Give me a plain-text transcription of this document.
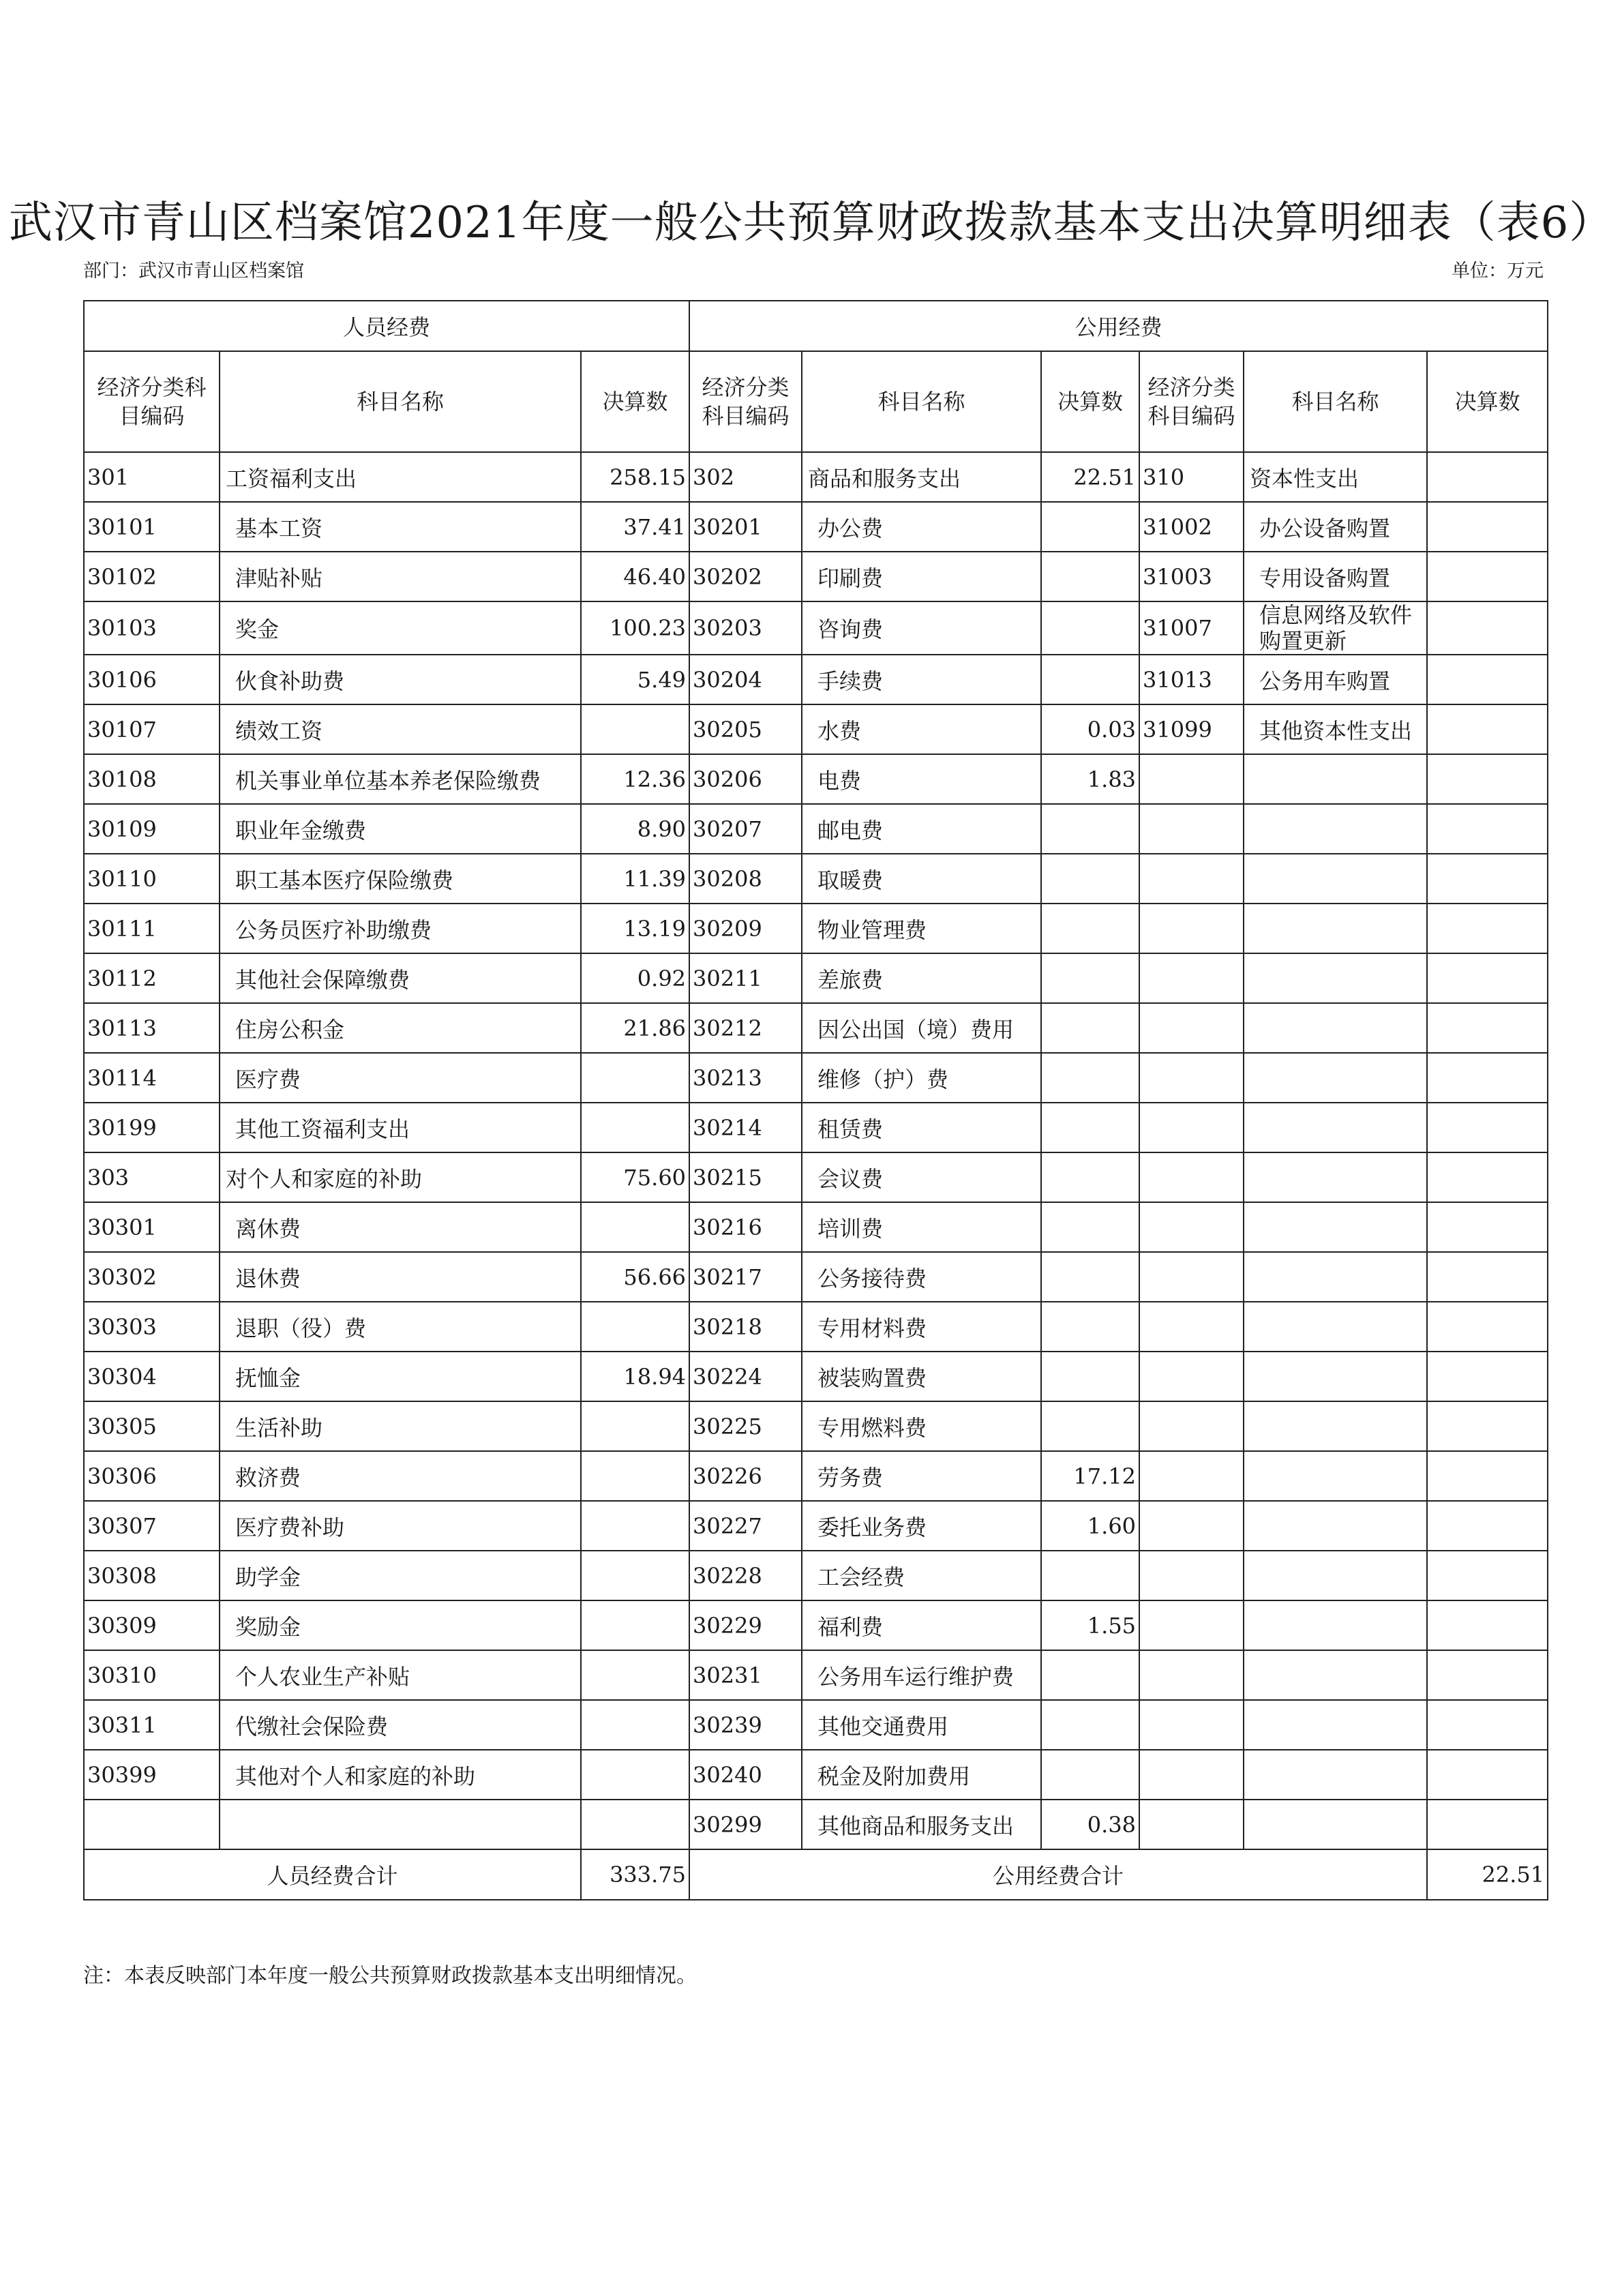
武汉市青山区档案馆2021年度一般公共预算财政拨款基本支出决算明细表（表6）
部门：武汉市青山区档案馆	单位：万元
人员经费			公用经费					
经济分类科目编码	科目名称	决算数	经济分类科目编码	科目名称	决算数	经济分类科目编码	科目名称	决算数
301	工资福利支出	258.15	302	商品和服务支出	22.51	310	资本性支出	
30101	基本工资	37.41	30201	办公费		31002	办公设备购置	
30102	津贴补贴	46.40	30202	印刷费		31003	专用设备购置	
30103	奖金	100.23	30203	咨询费		31007	信息网络及软件购置更新	
30106	伙食补助费	5.49	30204	手续费		31013	公务用车购置	
30107	绩效工资		30205	水费	0.03	31099	其他资本性支出	
30108	机关事业单位基本养老保险缴费	12.36	30206	电费	1.83			
30109	职业年金缴费	8.90	30207	邮电费				
30110	职工基本医疗保险缴费	11.39	30208	取暖费				
30111	公务员医疗补助缴费	13.19	30209	物业管理费				
30112	其他社会保障缴费	0.92	30211	差旅费				
30113	住房公积金	21.86	30212	因公出国（境）费用				
30114	医疗费		30213	维修（护）费				
30199	其他工资福利支出		30214	租赁费				
303	对个人和家庭的补助	75.60	30215	会议费				
30301	离休费		30216	培训费				
30302	退休费	56.66	30217	公务接待费				
30303	退职（役）费		30218	专用材料费				
30304	抚恤金	18.94	30224	被装购置费				
30305	生活补助		30225	专用燃料费				
30306	救济费		30226	劳务费	17.12			
30307	医疗费补助		30227	委托业务费	1.60			
30308	助学金		30228	工会经费				
30309	奖励金		30229	福利费	1.55			
30310	个人农业生产补贴		30231	公务用车运行维护费				
30311	代缴社会保险费		30239	其他交通费用				
30399	其他对个人和家庭的补助		30240	税金及附加费用				
			30299	其他商品和服务支出	0.38			
人员经费合计		333.75	公用经费合计					22.51
注：本表反映部门本年度一般公共预算财政拨款基本支出明细情况。
